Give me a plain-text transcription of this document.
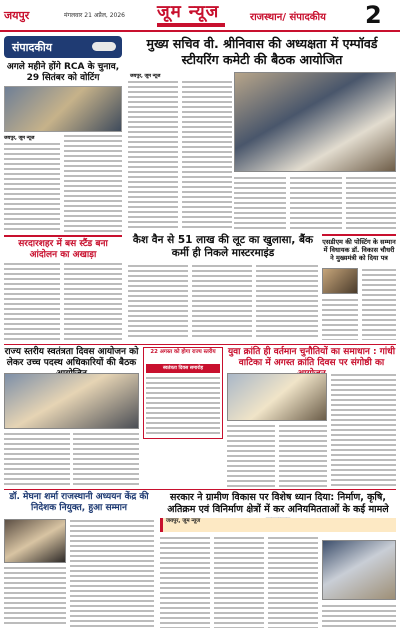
जयपुर	मंगलवार 21 अप्रैल, 2026 जूम न्यूज	राजस्थान/ संपादकीय 2
संपादकीय
अगले महीने होंगे RCA के चुनाव, 29 सितंबर को वोटिंग
जयपुर, जूम न्यूज
सरदारशहर में बस स्टैंड बना आंदोलन का अखाड़ा
मुख्य सचिव वी. श्रीनिवास की अध्यक्षता में एम्पॉवर्ड स्टीयरिंग कमेटी की बैठक आयोजित
जयपुर, जूम न्यूज
कैश वैन से 51 लाख की लूट का खुलासा, बैंक कर्मी ही निकले मास्टरमाइंड
एसडीएम की पोस्टिंग के सम्मान में विधायक डॉ. विकास चौधरी ने मुख्यमंत्री को दिया पत्र
राज्य स्तरीय स्वतंत्रता दिवस आयोजन को लेकर उच्च पदस्थ अधिकारियों की बैठक
22 अगस्त को होगा राज्य स्तरीय
स्वतंत्रता दिवस समारोह
युवा क्रांति ही वर्तमान चुनौतियों का समाधान : गांधी वाटिका में अगस्त क्रांति दिवस पर संगोष्ठी का
डॉ. मेघना शर्मा राजस्थानी अध्ययन केंद्र की निदेशक नियुक्त, हुआ सम्मान
सरकार ने ग्रामीण विकास पर विशेष ध्यान दिया: निर्माण, कृषि, अतिक्रम एवं विनिर्माण क्षेत्रों में कर अनियमितताओं के कई मामले
जयपुर, जूम न्यूज
